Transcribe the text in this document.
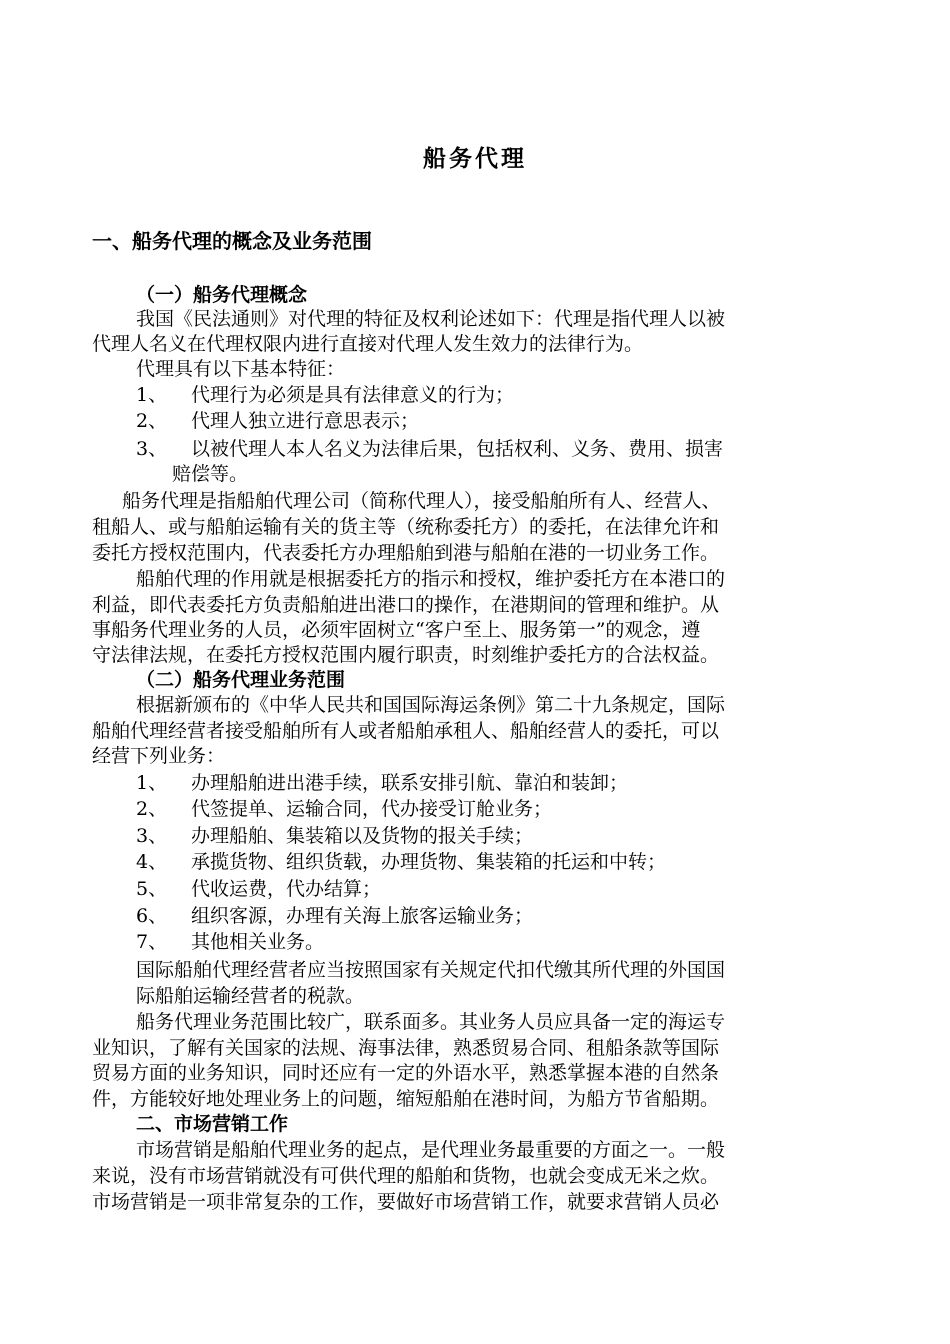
船务代理
一、船务代理的概念及业务范围
（一）船务代理概念
我国《民法通则》对代理的特征及权利论述如下：代理是指代理人以被
代理人名义在代理权限内进行直接对代理人发生效力的法律行为。
代理具有以下基本特征：
1、 代理行为必须是具有法律意义的行为；
2、 代理人独立进行意思表示；
3、 以被代理人本人名义为法律后果，包括权利、义务、费用、损害
赔偿等。
船务代理是指船舶代理公司（简称代理人），接受船舶所有人、经营人、
租船人、或与船舶运输有关的货主等（统称委托方）的委托，在法律允许和
委托方授权范围内，代表委托方办理船舶到港与船舶在港的一切业务工作。
船舶代理的作用就是根据委托方的指示和授权，维护委托方在本港口的
利益，即代表委托方负责船舶进出港口的操作，在港期间的管理和维护。从
事船务代理业务的人员，必须牢固树立“客户至上、服务第一”的观念，遵
守法律法规，在委托方授权范围内履行职责，时刻维护委托方的合法权益。
（二）船务代理业务范围
根据新颁布的《中华人民共和国国际海运条例》第二十九条规定，国际
船舶代理经营者接受船舶所有人或者船舶承租人、船舶经营人的委托，可以
经营下列业务：
1、 办理船舶进出港手续，联系安排引航、靠泊和装卸；
2、 代签提单、运输合同，代办接受订舱业务；
3、 办理船舶、集装箱以及货物的报关手续；
4、 承揽货物、组织货载，办理货物、集装箱的托运和中转；
5、 代收运费，代办结算；
6、 组织客源，办理有关海上旅客运输业务；
7、 其他相关业务。
国际船舶代理经营者应当按照国家有关规定代扣代缴其所代理的外国国
际船舶运输经营者的税款。
船务代理业务范围比较广，联系面多。其业务人员应具备一定的海运专
业知识，了解有关国家的法规、海事法律，熟悉贸易合同、租船条款等国际
贸易方面的业务知识，同时还应有一定的外语水平，熟悉掌握本港的自然条
件，方能较好地处理业务上的问题，缩短船舶在港时间，为船方节省船期。
二、市场营销工作
市场营销是船舶代理业务的起点，是代理业务最重要的方面之一。一般
来说，没有市场营销就没有可供代理的船舶和货物，也就会变成无米之炊。
市场营销是一项非常复杂的工作，要做好市场营销工作，就要求营销人员必
